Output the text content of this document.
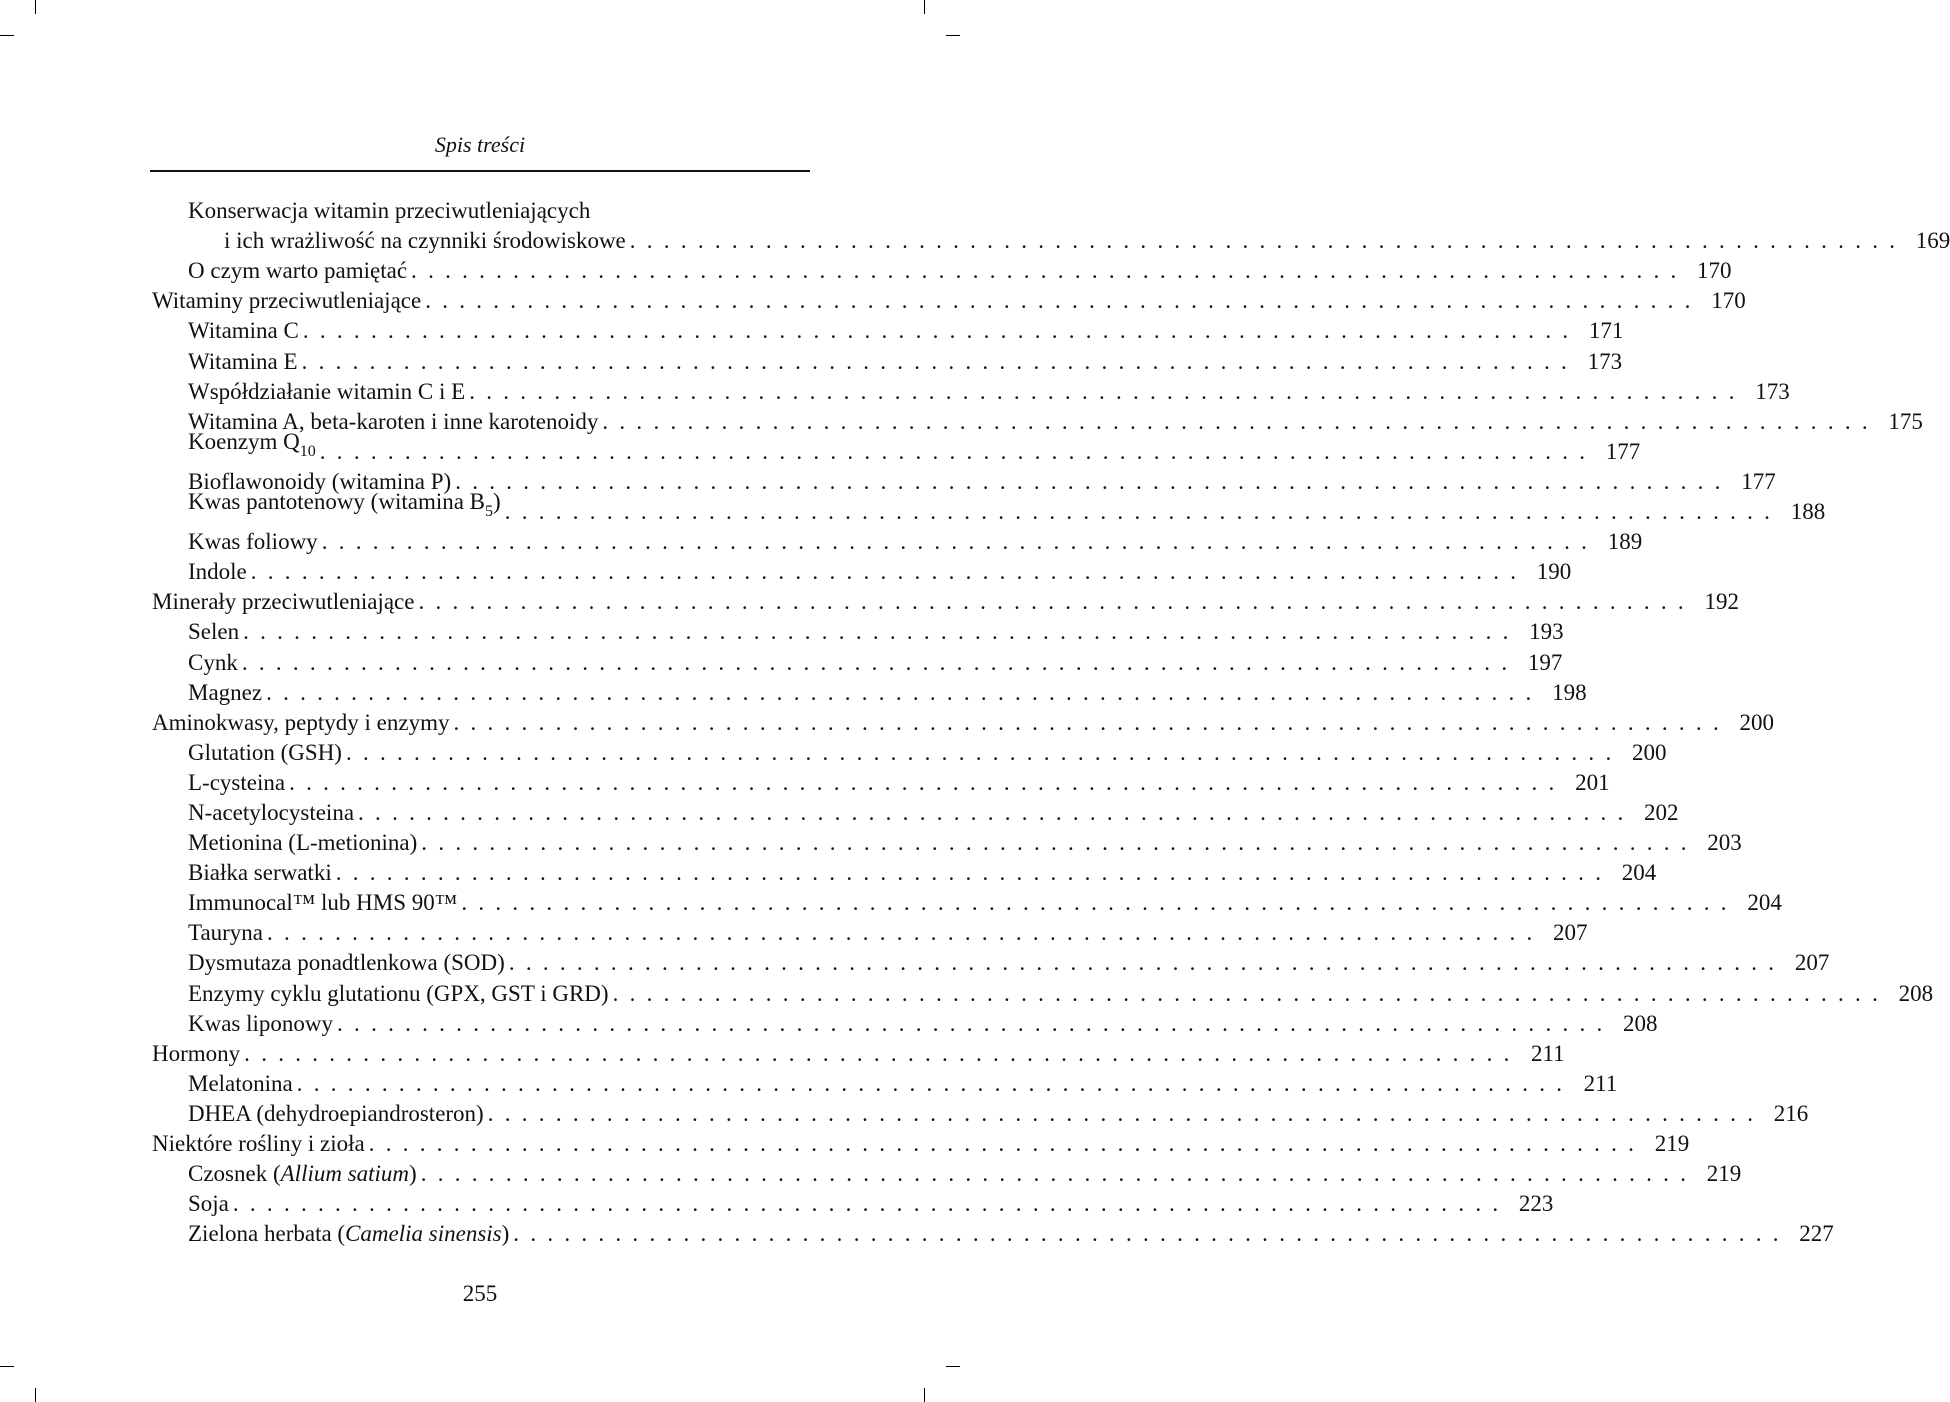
Spis treści
Konserwacja witamin przeciwutleniających
i ich wrażliwość na czynniki środowiskowe ........................................................................... 169
O czym warto pamiętać ........................................................................... 170
Witaminy przeciwutleniające ........................................................................... 170
Witamina C ........................................................................... 171
Witamina E ........................................................................... 173
Współdziałanie witamin C i E ........................................................................... 173
Witamina A, beta-karoten i inne karotenoidy ........................................................................... 175
Koenzym $Q_{10}$ ........................................................................... 177
Bioflawonoidy (witamina P) ........................................................................... 177
Kwas pantotenowy (witamina $B_5$) ........................................................................... 188
Kwas foliowy ........................................................................... 189
Indole ........................................................................... 190
Minerały przeciwutleniające ........................................................................... 192
Selen ........................................................................... 193
Cynk ........................................................................... 197
Magnez ........................................................................... 198
Aminokwasy, peptydy i enzymy ........................................................................... 200
Glutation (GSH) ........................................................................... 200
L-cysteina ........................................................................... 201
N-acetylocysteina ........................................................................... 202
Metionina (L-metionina) ........................................................................... 203
Białka serwatki ........................................................................... 204
Immunocal™ lub HMS 90™ ........................................................................... 204
Tauryna ........................................................................... 207
Dysmutaza ponadtlenkowa (SOD) ........................................................................... 207
Enzymy cyklu glutationu (GPX, GST i GRD) ........................................................................... 208
Kwas liponowy ........................................................................... 208
Hormony ........................................................................... 211
Melatonina ........................................................................... 211
DHEA (dehydroepiandrosteron) ........................................................................... 216
Niektóre rośliny i zioła ........................................................................... 219
Czosnek (Allium satium) ........................................................................... 219
Soja ........................................................................... 223
Zielona herbata (Camelia sinensis) ........................................................................... 227
255
